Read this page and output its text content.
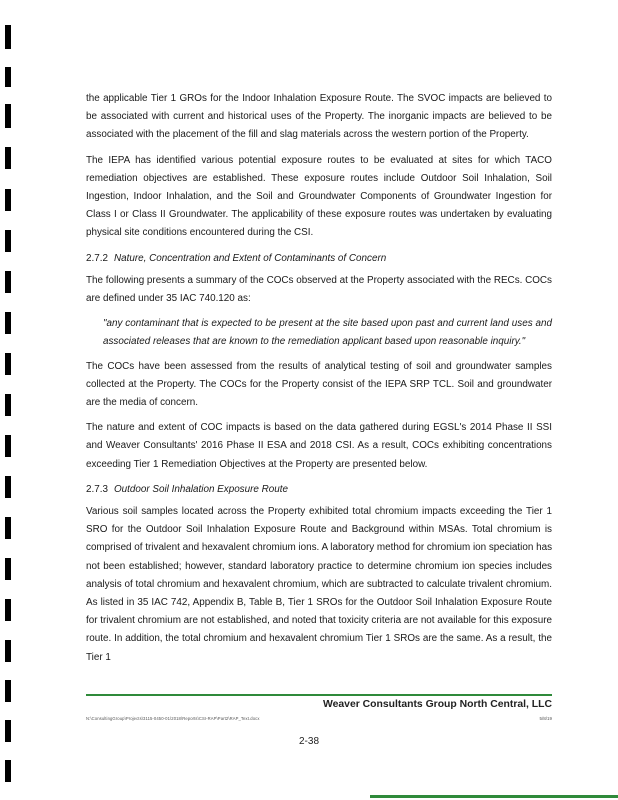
the applicable Tier 1 GROs for the Indoor Inhalation Exposure Route. The SVOC impacts are believed to be associated with current and historical uses of the Property. The inorganic impacts are believed to be associated with the placement of the fill and slag materials across the western portion of the Property.

The IEPA has identified various potential exposure routes to be evaluated at sites for which TACO remediation objectives are established. These exposure routes include Outdoor Soil Inhalation, Soil Ingestion, Indoor Inhalation, and the Soil and Groundwater Components of Groundwater Ingestion for Class I or Class II Groundwater. The applicability of these exposure routes was undertaken by evaluating physical site conditions encountered during the CSI.

2.7.2 Nature, Concentration and Extent of Contaminants of Concern

The following presents a summary of the COCs observed at the Property associated with the RECs. COCs are defined under 35 IAC 740.120 as:

"any contaminant that is expected to be present at the site based upon past and current land uses and associated releases that are known to the remediation applicant based upon reasonable inquiry."

The COCs have been assessed from the results of analytical testing of soil and groundwater samples collected at the Property. The COCs for the Property consist of the IEPA SRP TCL. Soil and groundwater are the media of concern.

The nature and extent of COC impacts is based on the data gathered during EGSL's 2014 Phase II SSI and Weaver Consultants' 2016 Phase II ESA and 2018 CSI. As a result, COCs exhibiting concentrations exceeding Tier 1 Remediation Objectives at the Property are presented below.

2.7.3 Outdoor Soil Inhalation Exposure Route

Various soil samples located across the Property exhibited total chromium impacts exceeding the Tier 1 SRO for the Outdoor Soil Inhalation Exposure Route and Background within MSAs. Total chromium is comprised of trivalent and hexavalent chromium ions. A laboratory method for chromium ion speciation has not been established; however, standard laboratory practice to determine chromium ion species includes analysis of total chromium and hexavalent chromium, which are subtracted to calculate trivalent chromium. As listed in 35 IAC 742, Appendix B, Table B, Tier 1 SROs for the Outdoor Soil Inhalation Exposure Route for trivalent chromium are not established, and noted that toxicity criteria are not available for this exposure route. In addition, the total chromium and hexavalent chromium Tier 1 SROs are the same. As a result, the Tier 1

Weaver Consultants Group North Central, LLC
N:\ConsultingGroup\Projects\3115-0450-01\2018\Reports\CSI-RAP\Part2\RAP_Text.docx	5/8/19
2-38
